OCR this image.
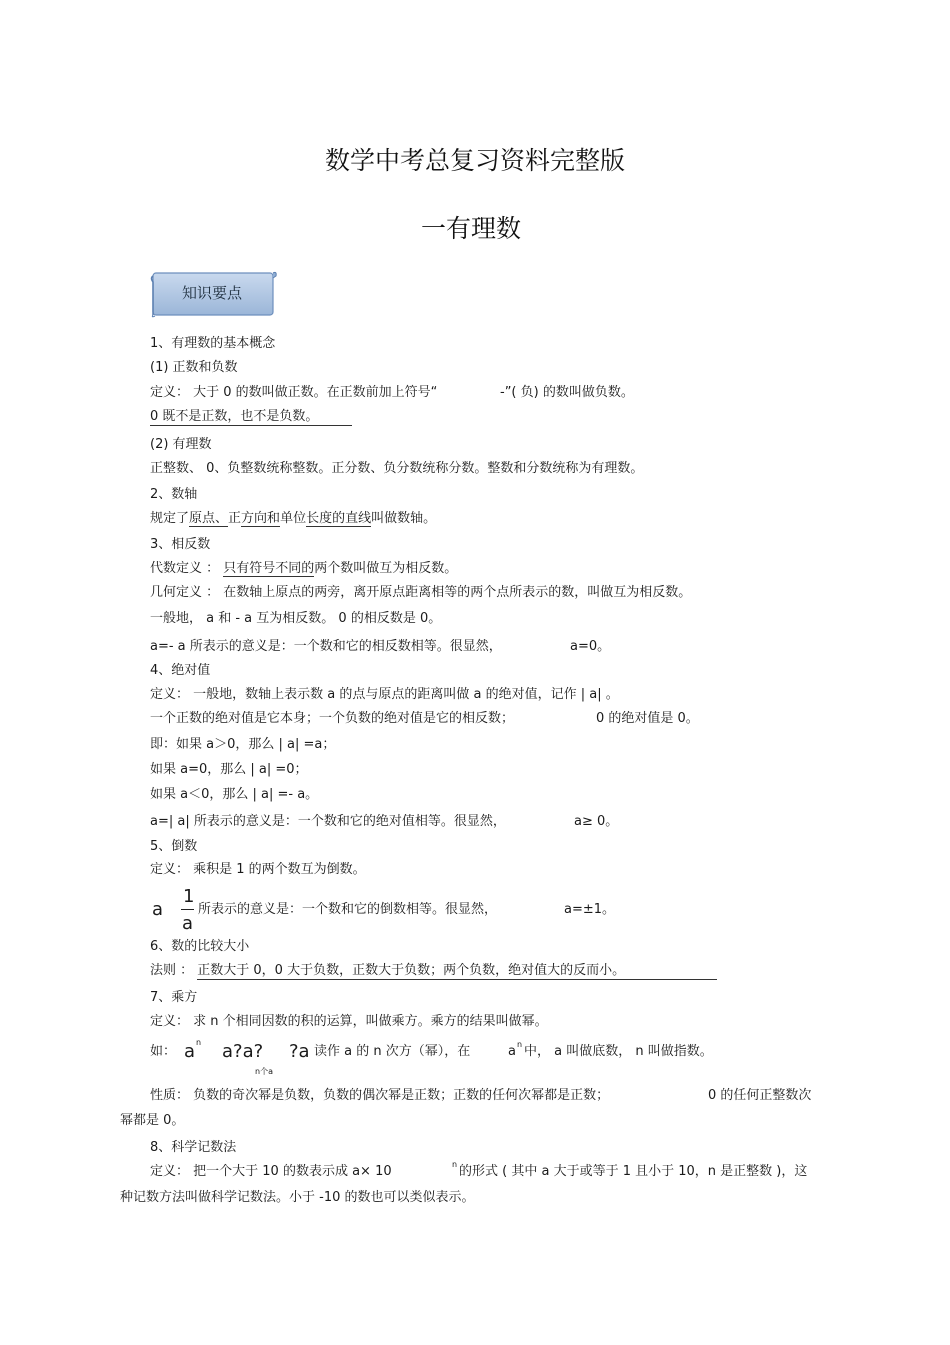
数学中考总复习资料完整版
一有理数
知识要点
1、有理数的基本概念
(1) 正数和负数
定义： 大于 0 的数叫做正数。在正数前加上符号“	-”( 负) 的数叫做负数。
0 既不是正数，也不是负数。
(2) 有理数
正整数、 0、负整数统称整数。正分数、负分数统称分数。整数和分数统称为有理数。
2、数轴
规定了原点、正方向和单位长度的直线叫做数轴。
3、相反数
代数定义 ： 只有符号不同的两个数叫做互为相反数。
几何定义 ： 在数轴上原点的两旁，离开原点距离相等的两个点所表示的数，叫做互为相反数。
一般地， a 和 - a 互为相反数。 0 的相反数是 0。
a=- a 所表示的意义是：一个数和它的相反数相等。很显然，	a=0。
4、绝对值
定义： 一般地，数轴上表示数 a 的点与原点的距离叫做 a 的绝对值，记作 | a| 。
一个正数的绝对值是它本身；一个负数的绝对值是它的相反数；	0 的绝对值是 0。
即：如果 a＞0，那么 | a| =a；
如果 a=0，那么 | a| =0；
如果 a＜0，那么 | a| =- a。
a=| a| 所表示的意义是：一个数和它的绝对值相等。很显然，	a≥ 0。
5、倒数
定义： 乘积是 1 的两个数互为倒数。
a
1
a
所表示的意义是：一个数和它的倒数相等。很显然，	a=±1。
6、数的比较大小
法则 ： 正数大于 0，0 大于负数，正数大于负数；两个负数，绝对值大的反而小。
7、乘方
定义： 求 n 个相同因数的积的运算，叫做乘方。乘方的结果叫做幂。
如： a n a?a? ?a
n个a
读作 a 的 n 次方（幂），在	a n 中， a 叫做底数， n 叫做指数。
性质： 负数的奇次幂是负数，负数的偶次幂是正数；正数的任何次幂都是正数；	0 的任何正整数次
幂都是 0。
8、科学记数法
定义： 把一个大于 10 的数表示成 a× 10	n 的形式 ( 其中 a 大于或等于 1 且小于 10，n 是正整数 )，这
种记数方法叫做科学记数法。小于 -10 的数也可以类似表示。
